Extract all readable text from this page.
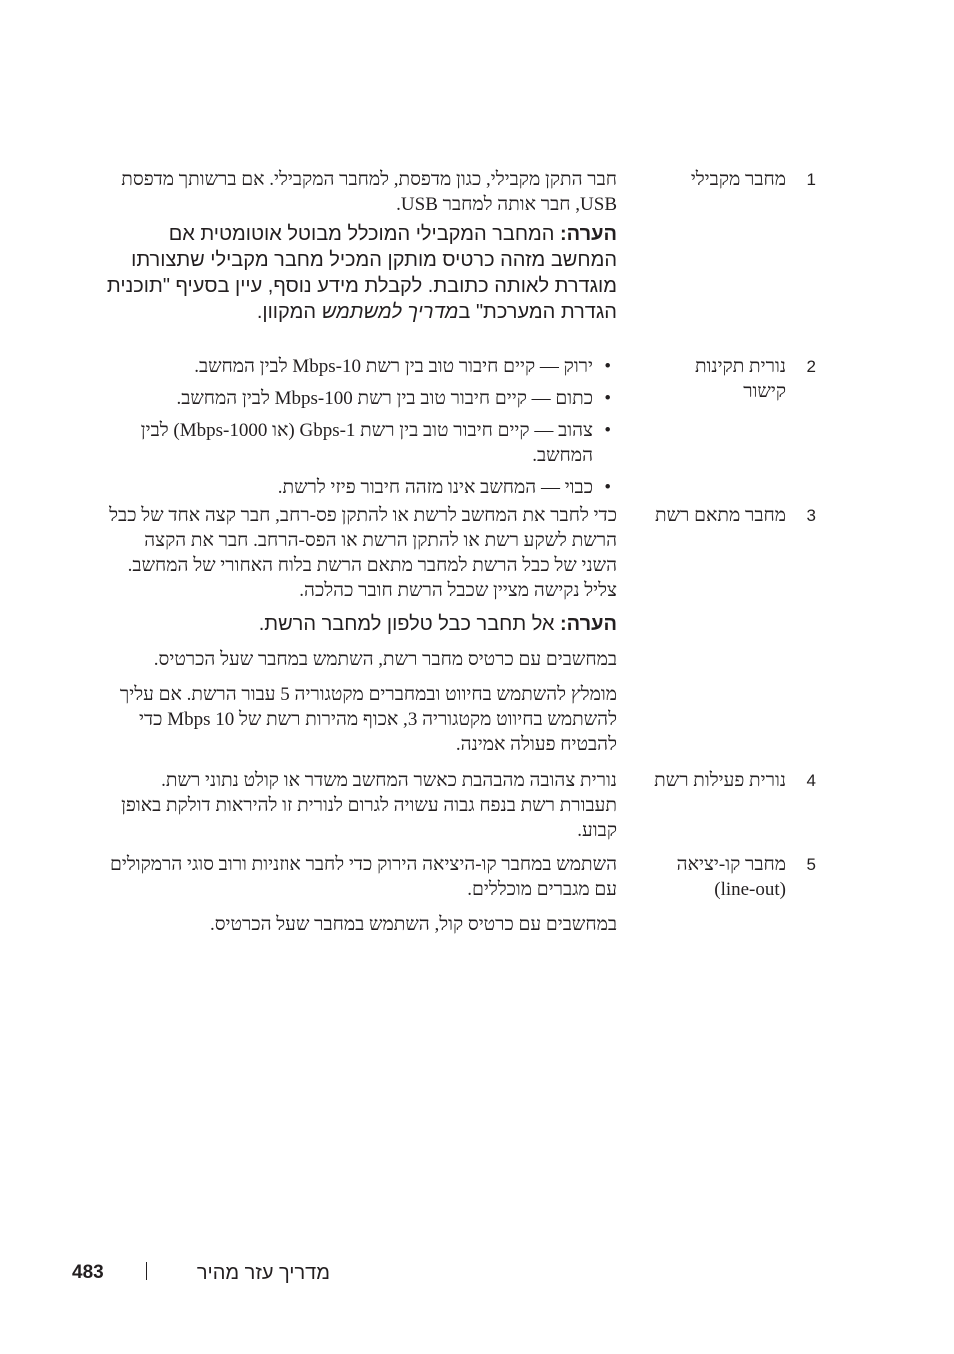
1
מחבר מקבילי

חבר התקן מקבילי, כגון מדפסת, למחבר המקבילי. אם ברשותך מדפסת USB, חבר אותה למחבר USB.

הערה: המחבר המקבילי המוכלל מבוטל אוטומטית אם המחשב מזהה כרטיס מותקן המכיל מחבר מקבילי שתצורתו מוגדרת לאותה כתובת. לקבלת מידע נוסף, עיין בסעיף "תוכנית הגדרת המערכת" במדריך למשתמש המקוון.

2
נורית תקינות קישור
•
ירוק — קיים חיבור טוב בין רשת 10-Mbps לבין המחשב.
•
כתום — קיים חיבור טוב בין רשת 100-Mbps לבין המחשב.
•
צהוב — קיים חיבור טוב בין רשת 1-Gbps (או 1000-Mbps) לבין המחשב.
•
כבוי — המחשב אינו מזהה חיבור פיזי לרשת.
3
מחבר מתאם רשת

כדי לחבר את המחשב לרשת או להתקן פס-רחב, חבר קצה אחד של כבל הרשת לשקע רשת או להתקן הרשת או הפס-הרחב. חבר את הקצה השני של כבל הרשת למחבר מתאם הרשת בלוח האחורי של המחשב. צליל נקישה מציין שכבל הרשת חובר כהלכה.

הערה: אל תחבר כבל טלפון למחבר הרשת.

במחשבים עם כרטיס מחבר רשת, השתמש במחבר שעל הכרטיס.

מומלץ להשתמש בחיווט ובמחברים מקטגוריה 5 עבור הרשת. אם עליך להשתמש בחיווט מקטגוריה 3, אכוף מהירות רשת של 10 Mbps כדי להבטיח פעולה אמינה.

4
נורית פעילות רשת

נורית צהובה מהבהבת כאשר המחשב משדר או קולט נתוני רשת. תעבורת רשת בנפח גבוה עשויה לגרום לנורית זו להיראות דולקת באופן קבוע.

5
מחבר קו-יציאה (line-out)

השתמש במחבר קו-היציאה הירוק כדי לחבר אוזניות ורוב סוגי הרמקולים עם מגברים מוכללים.

במחשבים עם כרטיס קול, השתמש במחבר שעל הכרטיס.

מדריך עזר מהיר
483
